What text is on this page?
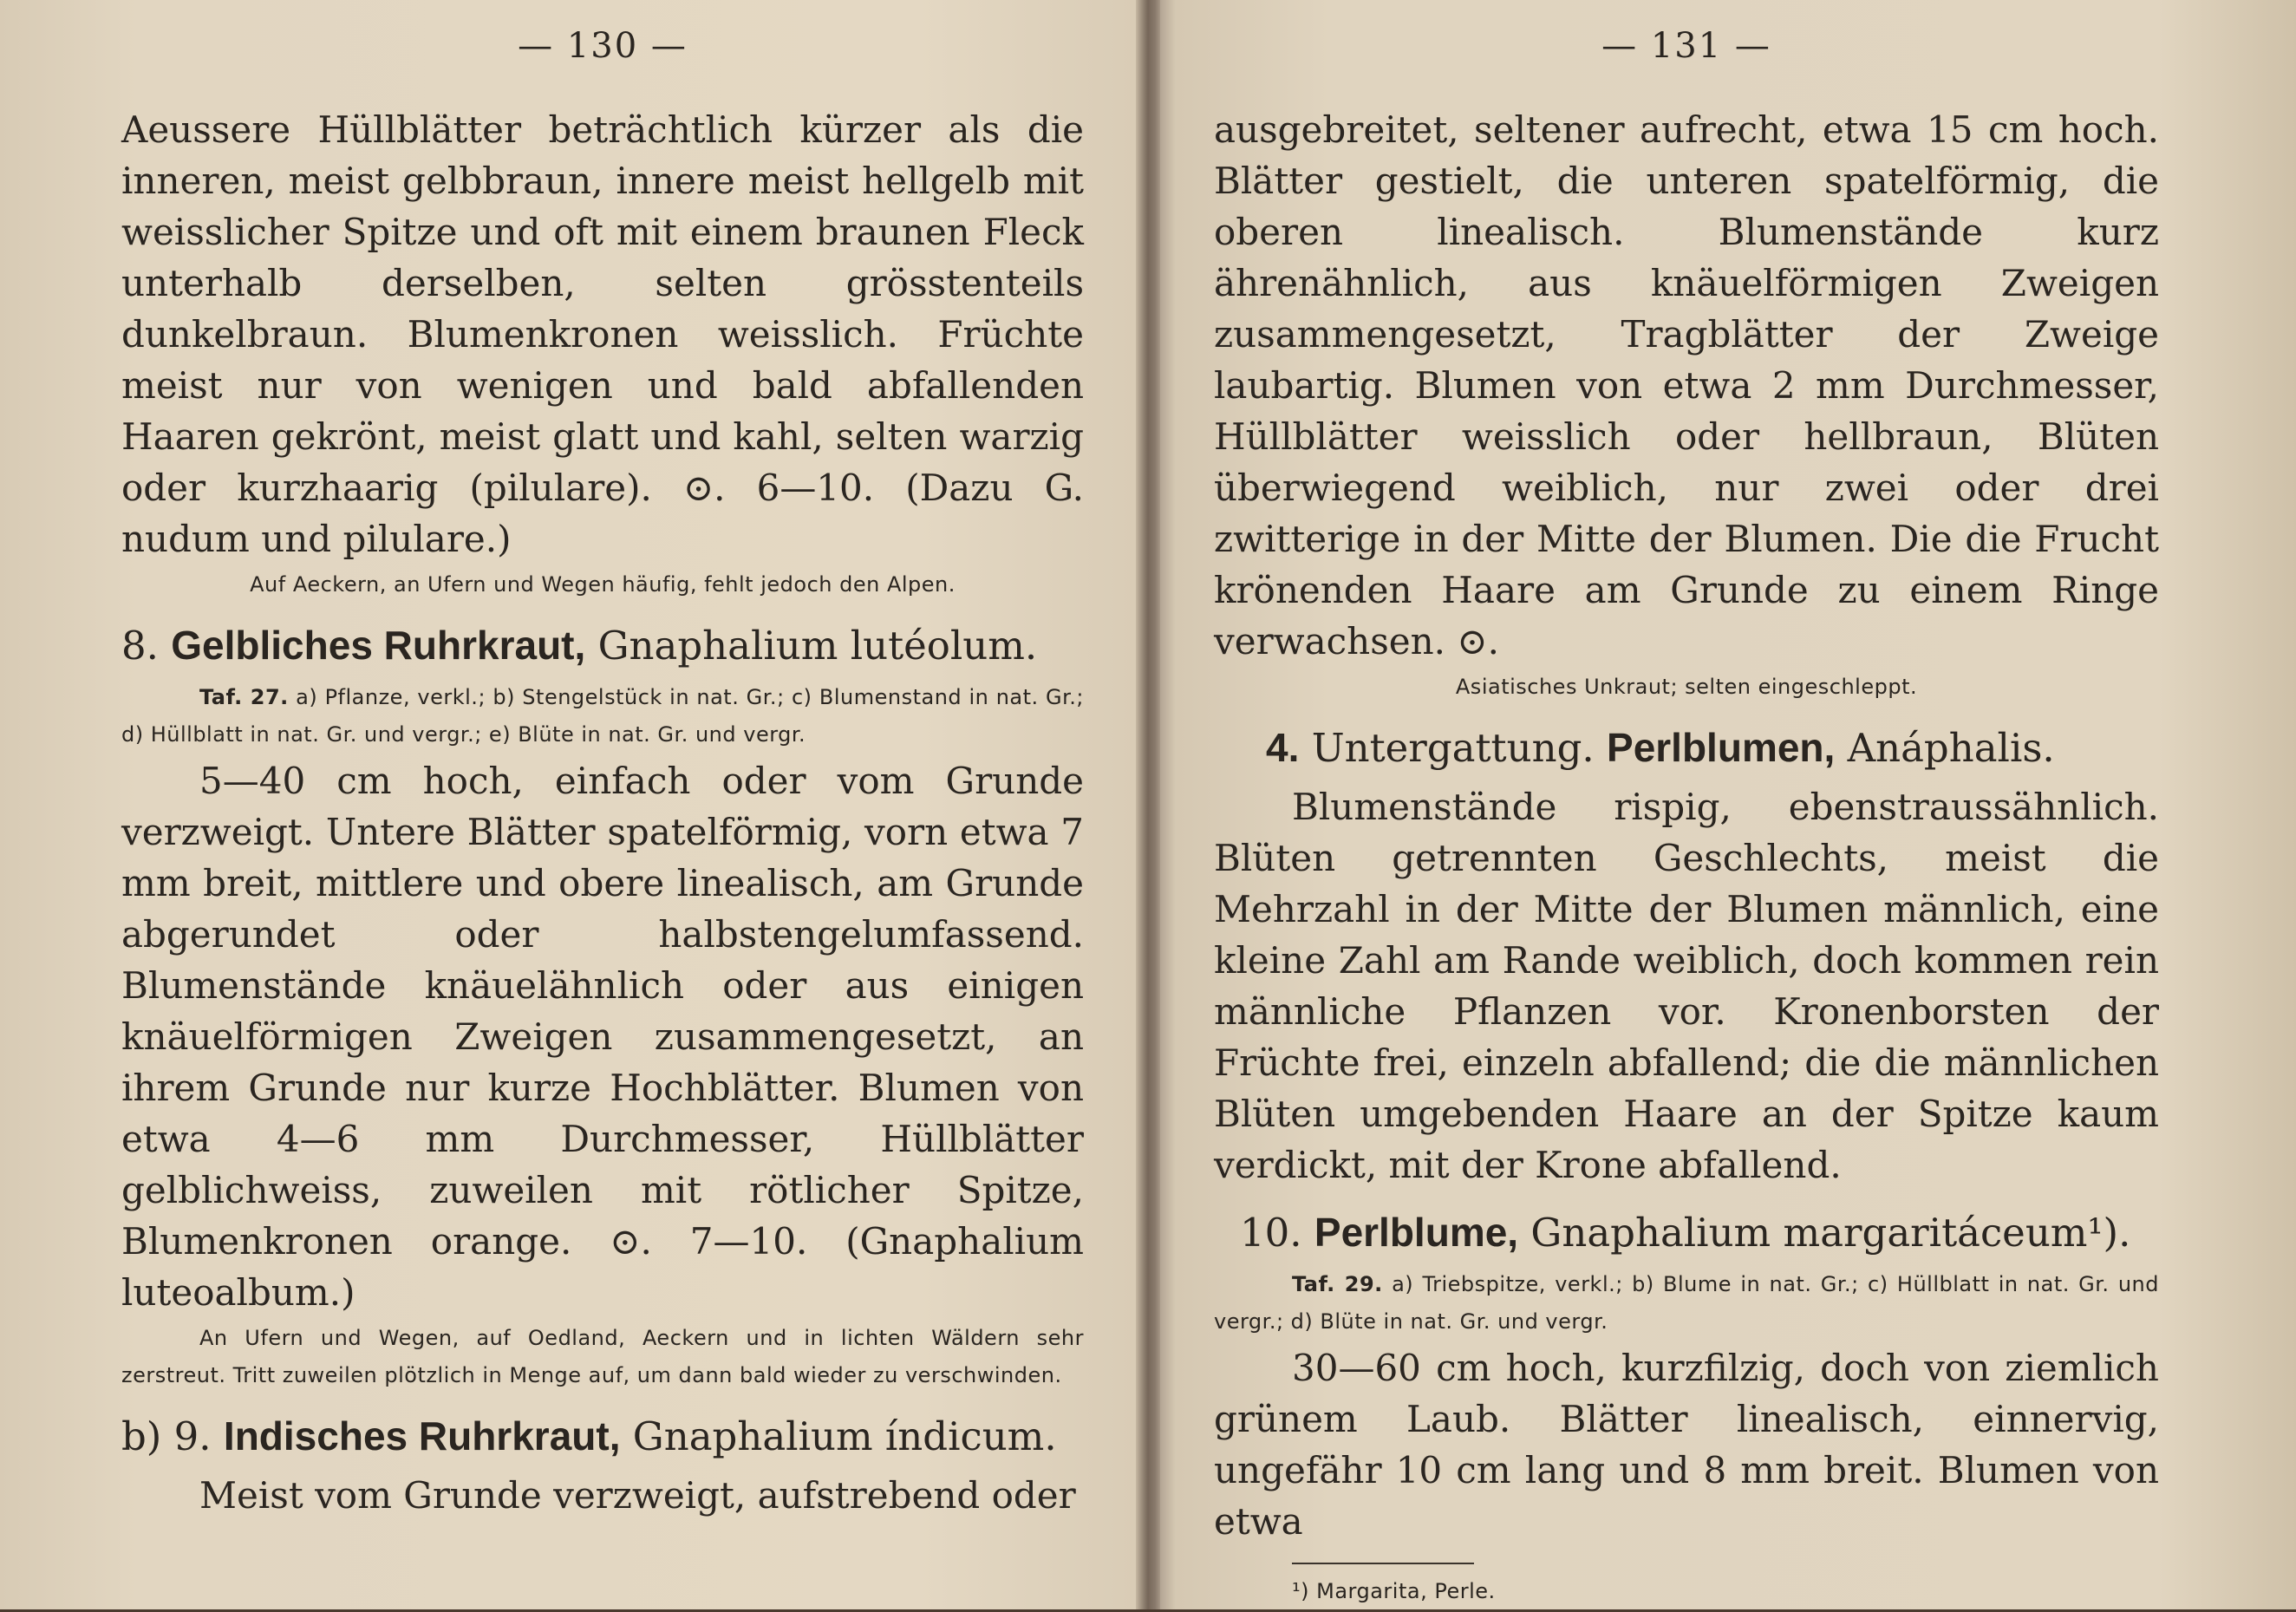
— 130 —

Aeussere Hüllblätter beträchtlich kürzer als die inneren, meist gelbbraun, innere meist hellgelb mit weisslicher Spitze und oft mit einem braunen Fleck unterhalb derselben, selten grösstenteils dunkelbraun. Blumenkronen weisslich. Früchte meist nur von wenigen und bald abfallenden Haaren gekrönt, meist glatt und kahl, selten warzig oder kurzhaarig (pilulare). ⊙. 6—10. (Dazu G. nudum und pilulare.)

Auf Aeckern, an Ufern und Wegen häufig, fehlt jedoch den Alpen.

8. Gelbliches Ruhrkraut, Gnaphalium lutéolum.

Taf. 27. a) Pflanze, verkl.; b) Stengelstück in nat. Gr.; c) Blumenstand in nat. Gr.; d) Hüllblatt in nat. Gr. und vergr.; e) Blüte in nat. Gr. und vergr.

5—40 cm hoch, einfach oder vom Grunde verzweigt. Untere Blätter spatelförmig, vorn etwa 7 mm breit, mittlere und obere linealisch, am Grunde abgerundet oder halbstengelumfassend. Blumenstände knäuelähnlich oder aus einigen knäuelförmigen Zweigen zusammengesetzt, an ihrem Grunde nur kurze Hochblätter. Blumen von etwa 4—6 mm Durchmesser, Hüllblätter gelblichweiss, zuweilen mit rötlicher Spitze, Blumenkronen orange. ⊙. 7—10. (Gnaphalium luteoalbum.)

An Ufern und Wegen, auf Oedland, Aeckern und in lichten Wäldern sehr zerstreut. Tritt zuweilen plötzlich in Menge auf, um dann bald wieder zu verschwinden.

b) 9. Indisches Ruhrkraut, Gnaphalium índicum.

Meist vom Grunde verzweigt, aufstrebend oder

— 131 —

ausgebreitet, seltener aufrecht, etwa 15 cm hoch. Blätter gestielt, die unteren spatelförmig, die oberen linealisch. Blumenstände kurz ährenähnlich, aus knäuelförmigen Zweigen zusammengesetzt, Tragblätter der Zweige laubartig. Blumen von etwa 2 mm Durchmesser, Hüllblätter weisslich oder hellbraun, Blüten überwiegend weiblich, nur zwei oder drei zwitterige in der Mitte der Blumen. Die die Frucht krönenden Haare am Grunde zu einem Ringe verwachsen. ⊙.

Asiatisches Unkraut; selten eingeschleppt.

4. Untergattung. Perlblumen, Anáphalis.

Blumenstände rispig, ebenstraussähnlich. Blüten getrennten Geschlechts, meist die Mehrzahl in der Mitte der Blumen männlich, eine kleine Zahl am Rande weiblich, doch kommen rein männliche Pflanzen vor. Kronenborsten der Früchte frei, einzeln abfallend; die die männlichen Blüten umgebenden Haare an der Spitze kaum verdickt, mit der Krone abfallend.

10. Perlblume, Gnaphalium margaritáceum¹).

Taf. 29. a) Triebspitze, verkl.; b) Blume in nat. Gr.; c) Hüllblatt in nat. Gr. und vergr.; d) Blüte in nat. Gr. und vergr.

30—60 cm hoch, kurzfilzig, doch von ziemlich grünem Laub. Blätter linealisch, einnervig, ungefähr 10 cm lang und 8 mm breit. Blumen von etwa

¹) Margarita, Perle.
